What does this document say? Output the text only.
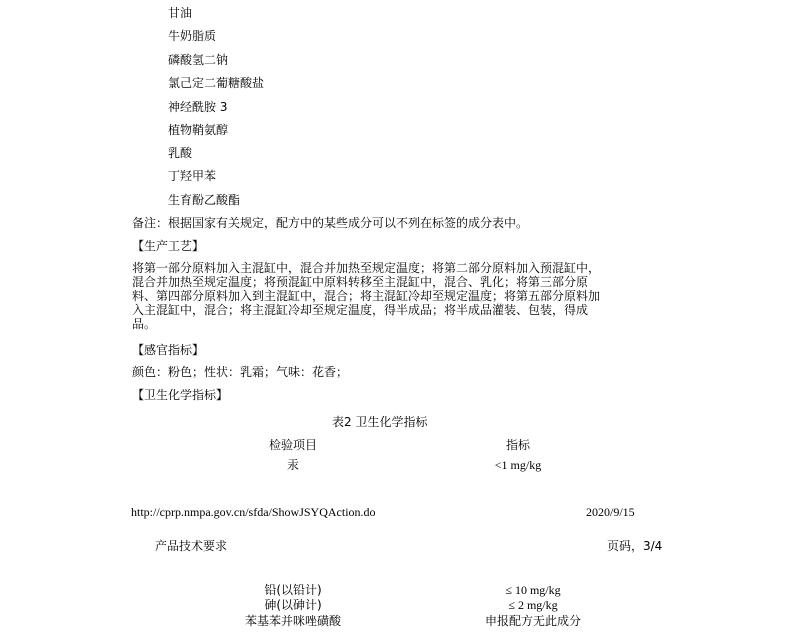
甘油
牛奶脂质
磷酸氢二钠
氯己定二葡糖酸盐
神经酰胺 3
植物鞘氨醇
乳酸
丁羟甲苯
生育酚乙酸酯
备注：根据国家有关规定，配方中的某些成分可以不列在标签的成分表中。
【生产工艺】
将第一部分原料加入主混缸中，混合并加热至规定温度；将第二部分原料加入预混缸中，
混合并加热至规定温度；将预混缸中原料转移至主混缸中，混合、乳化；将第三部分原
料、第四部分原料加入到主混缸中，混合；将主混缸冷却至规定温度；将第五部分原料加
入主混缸中，混合；将主混缸冷却至规定温度，得半成品；将半成品灌装、包装，得成
品。
【感官指标】
颜色：粉色；性状：乳霜；气味：花香；
【卫生化学指标】
表2 卫生化学指标
检验项目	指标
汞	<1 mg/kg
http://cprp.nmpa.gov.cn/sfda/ShowJSYQAction.do	2020/9/15
产品技术要求	页码，3/4
铅(以铅计)	≤ 10 mg/kg
砷(以砷计)	≤ 2 mg/kg
苯基苯并咪唑磺酸	申报配方无此成分
